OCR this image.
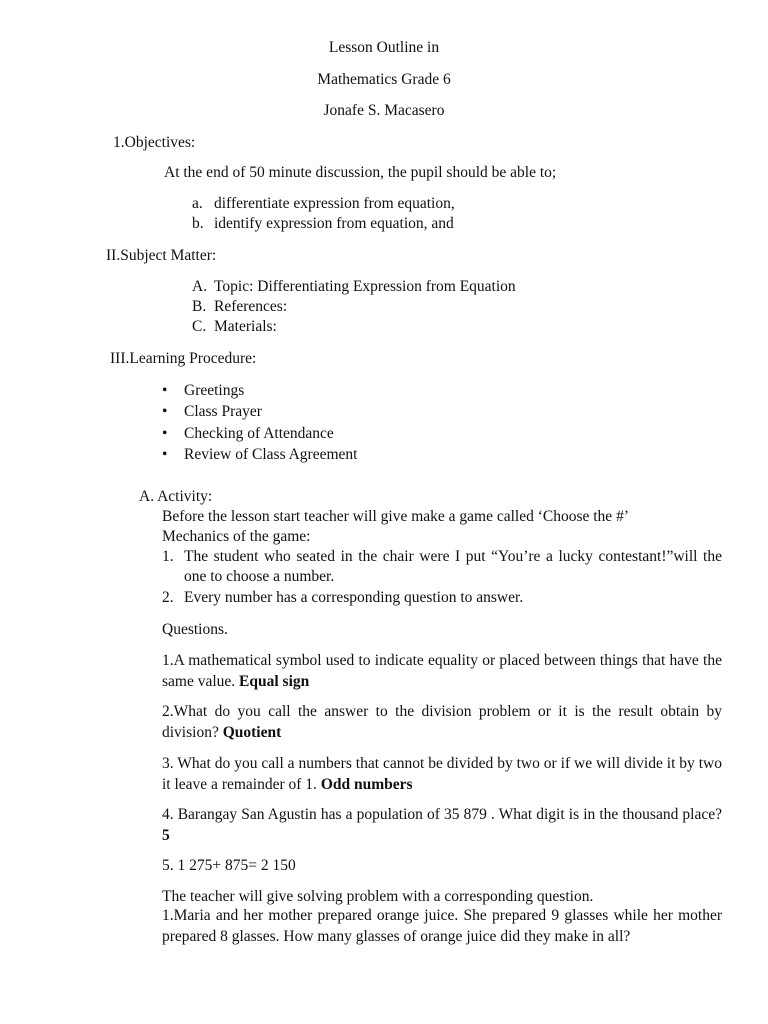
Lesson Outline in
Mathematics Grade 6
Jonafe S. Macasero
1.Objectives:
At the end of 50 minute discussion, the pupil should be able to;
a. differentiate expression from equation,
b. identify expression from equation, and
II.Subject Matter:
A. Topic: Differentiating Expression from Equation
B. References:
C. Materials:
III.Learning Procedure:
• Greetings
• Class Prayer
• Checking of Attendance
• Review of Class Agreement
A. Activity:
Before the lesson start teacher will give make a game called ‘Choose the #’
Mechanics of the game:
1. The student who seated in the chair were I put “You’re a lucky contestant!”will the one to choose a number.
2. Every number has a corresponding question to answer.
Questions.
1.A mathematical symbol used to indicate equality or placed between things that have the same value. Equal sign
2.What do you call the answer to the division problem or it is the result obtain by division? Quotient
3. What do you call a numbers that cannot be divided by two or if we will divide it by two it leave a remainder of 1. Odd numbers
4. Barangay San Agustin has a population of 35 879 . What digit is in the thousand place? 5
5. 1 275+ 875= 2 150
The teacher will give solving problem with a corresponding question.
1.Maria and her mother prepared orange juice. She prepared 9 glasses while her mother prepared 8 glasses. How many glasses of orange juice did they make in all?
